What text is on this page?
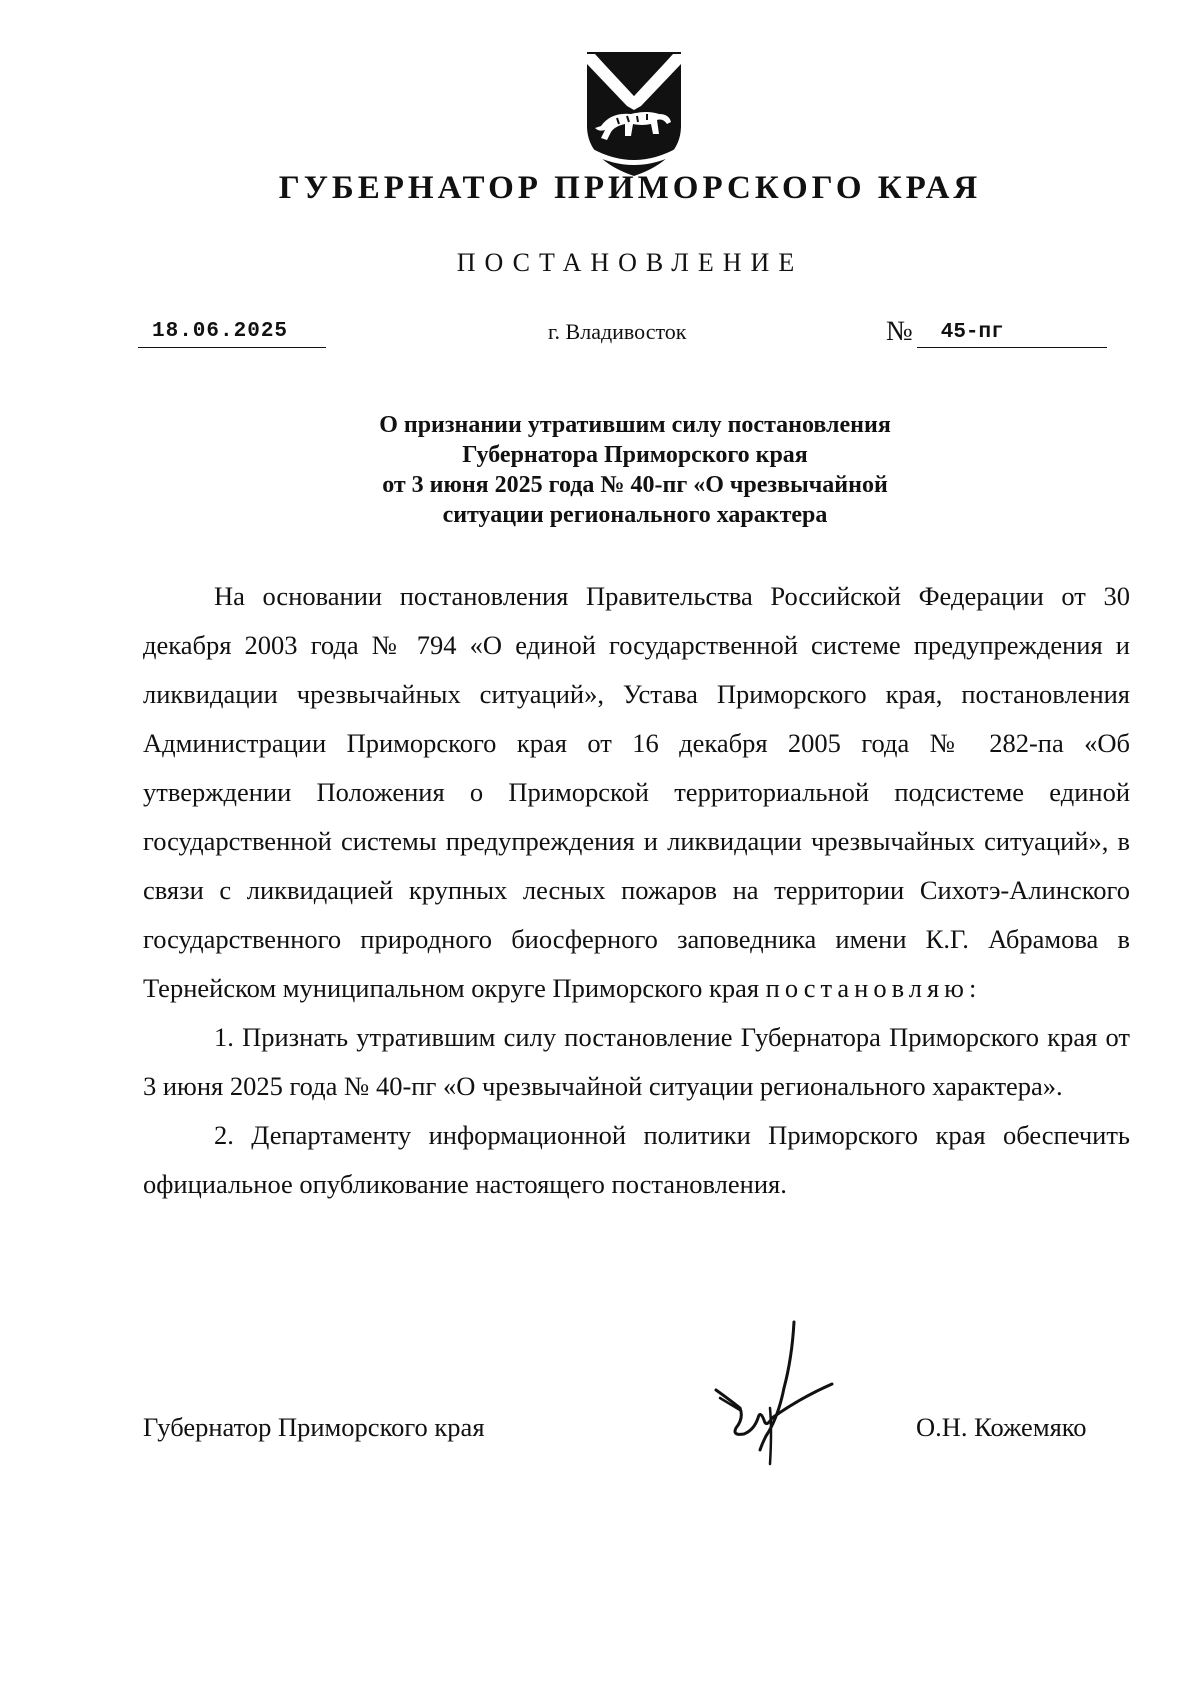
ГУБЕРНАТОР ПРИМОРСКОГО КРАЯ
ПОСТАНОВЛЕНИЕ
18.06.2025	г. Владивосток	№	45-пг
О признании утратившим силу постановления
Губернатора Приморского края
от 3 июня 2025 года № 40-пг «О чрезвычайной
ситуации регионального характера

На основании постановления Правительства Российской Федерации от 30 декабря 2003 года № 794 «О единой государственной системе предупреждения и ликвидации чрезвычайных ситуаций», Устава Приморского края, постановления Администрации Приморского края от 16 декабря 2005 года № 282-па «Об утверждении Положения о Приморской территориальной подсистеме единой государственной системы предупреждения и ликвидации чрезвычайных ситуаций», в связи с ликвидацией крупных лесных пожаров на территории Сихотэ-Алинского государственного природного биосферного заповедника имени К.Г. Абрамова в Тернейском муниципальном округе Приморского края постановляю:

1. Признать утратившим силу постановление Губернатора Приморского края от 3 июня 2025 года № 40-пг «О чрезвычайной ситуации регионального характера».

2. Департаменту информационной политики Приморского края обеспечить официальное опубликование настоящего постановления.

Губернатор Приморского края	О.Н. Кожемяко
